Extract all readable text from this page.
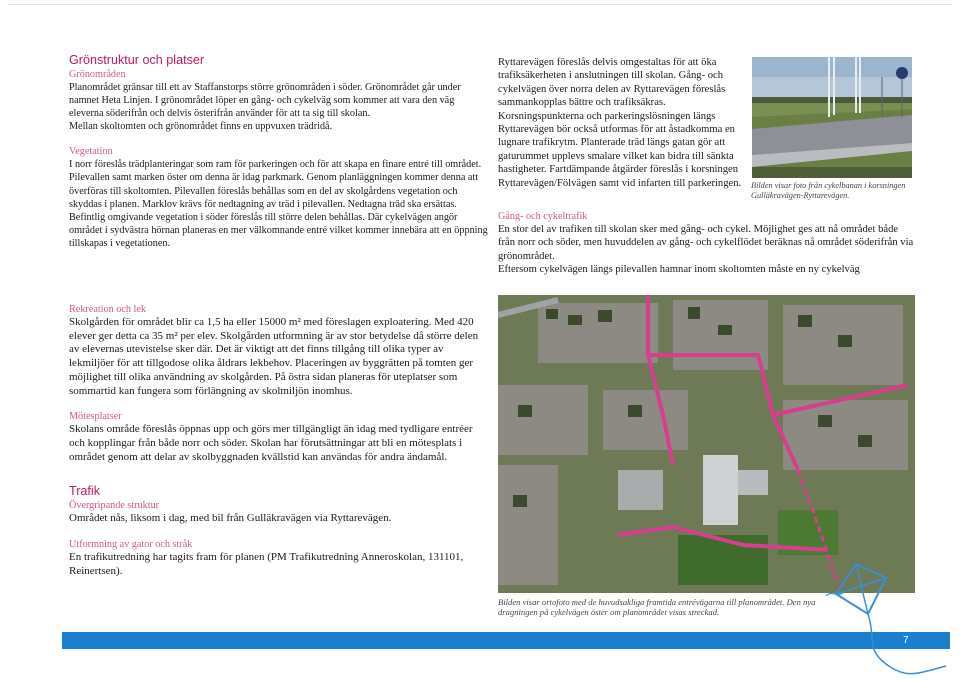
Grönstruktur och platser
Grönområden

Planområdet gränsar till ett av Staffanstorps större grönområden i söder. Grönområdet går under namnet Heta Linjen. I grönområdet löper en gång- och cykelväg som kommer att vara den väg eleverna söderifrån och delvis österifrån använder för att ta sig till skolan.

Mellan skoltomten och grönområdet finns en uppvuxen trädridå.

Vegetation

I norr föreslås trädplanteringar som ram för parkeringen och för att skapa en finare entré till området.

Pilevallen samt marken öster om denna är idag parkmark. Genom planläggningen kommer denna att överföras till skoltomten. Pilevallen föreslås behållas som en del av skolgårdens vegetation och skyddas i planen. Marklov krävs för nedtagning av träd i pilevallen. Nedtagna träd ska ersättas.

Befintlig omgivande vegetation i söder föreslås till större delen behållas. Där cykelvägen angör området i sydvästra hörnan planeras en mer välkomnande entré vilket kommer innebära att en öppning tillskapas i vegetationen.

Rekreation och lek

Skolgården för området blir ca 1,5 ha eller 15000 m² med föreslagen exploatering. Med 420 elever ger detta ca 35 m² per elev. Skolgården utformning är av stor betydelse då större delen av elevernas utevistelse sker där. Det är viktigt att det finns tillgång till olika typer av lekmiljöer för att tillgodose olika åldrars lekbehov. Placeringen av byggrätten på tomten ger möjlighet till olika användning av skolgården. På östra sidan planeras för uteplatser som sommartid kan fungera som förlängning av skolmiljön inomhus.

Mötesplatser

Skolans område föreslås öppnas upp och görs mer tillgängligt än idag med tydligare entréer och kopplingar från både norr och söder. Skolan har förutsättningar att bli en mötesplats i området genom att delar av skolbyggnaden kvällstid kan användas för andra ändamål.

Trafik
Övergripande struktur

Området nås, liksom i dag, med bil från Gulläkravägen via Ryttarevägen.

Utformning av gator och stråk

En trafikutredning har tagits fram för planen (PM Trafikutredning Anneroskolan, 131101, Reinertsen).

Ryttarevägen föreslås delvis omgestaltas för att öka trafiksäkerheten i anslutningen till skolan. Gång- och cykelvägen över norra delen av Ryttarevägen föreslås sammankopplas bättre och trafiksäkras. Korsningspunkterna och parkeringslösningen längs Ryttarevägen bör också utformas för att åstadkomma en lugnare trafikrytm. Planterade träd längs gatan gör att gaturummet upplevs smalare vilket kan bidra till sänkta hastigheter. Fartdämpande åtgärder föreslås i korsningen Ryttarevägen/Fölvägen samt vid infarten till parkeringen.	Bilden visar foto från cykelbanan i korsningen Gulläkravägen-Ryttarevägen.
Gång- och cykeltrafik

En stor del av trafiken till skolan sker med gång- och cykel. Möjlighet ges att nå området både från norr och söder, men huvuddelen av gång- och cykelflödet beräknas nå området söderifrån via grönområdet.

Eftersom cykelvägen längs pilevallen hamnar inom skoltomten måste en ny cykelväg

Bilden visar ortofoto med de huvudsakliga framtida entrévägarna till planområdet. Den nya dragningen på cykelvägen öster om planområdet visas streckad.
7
